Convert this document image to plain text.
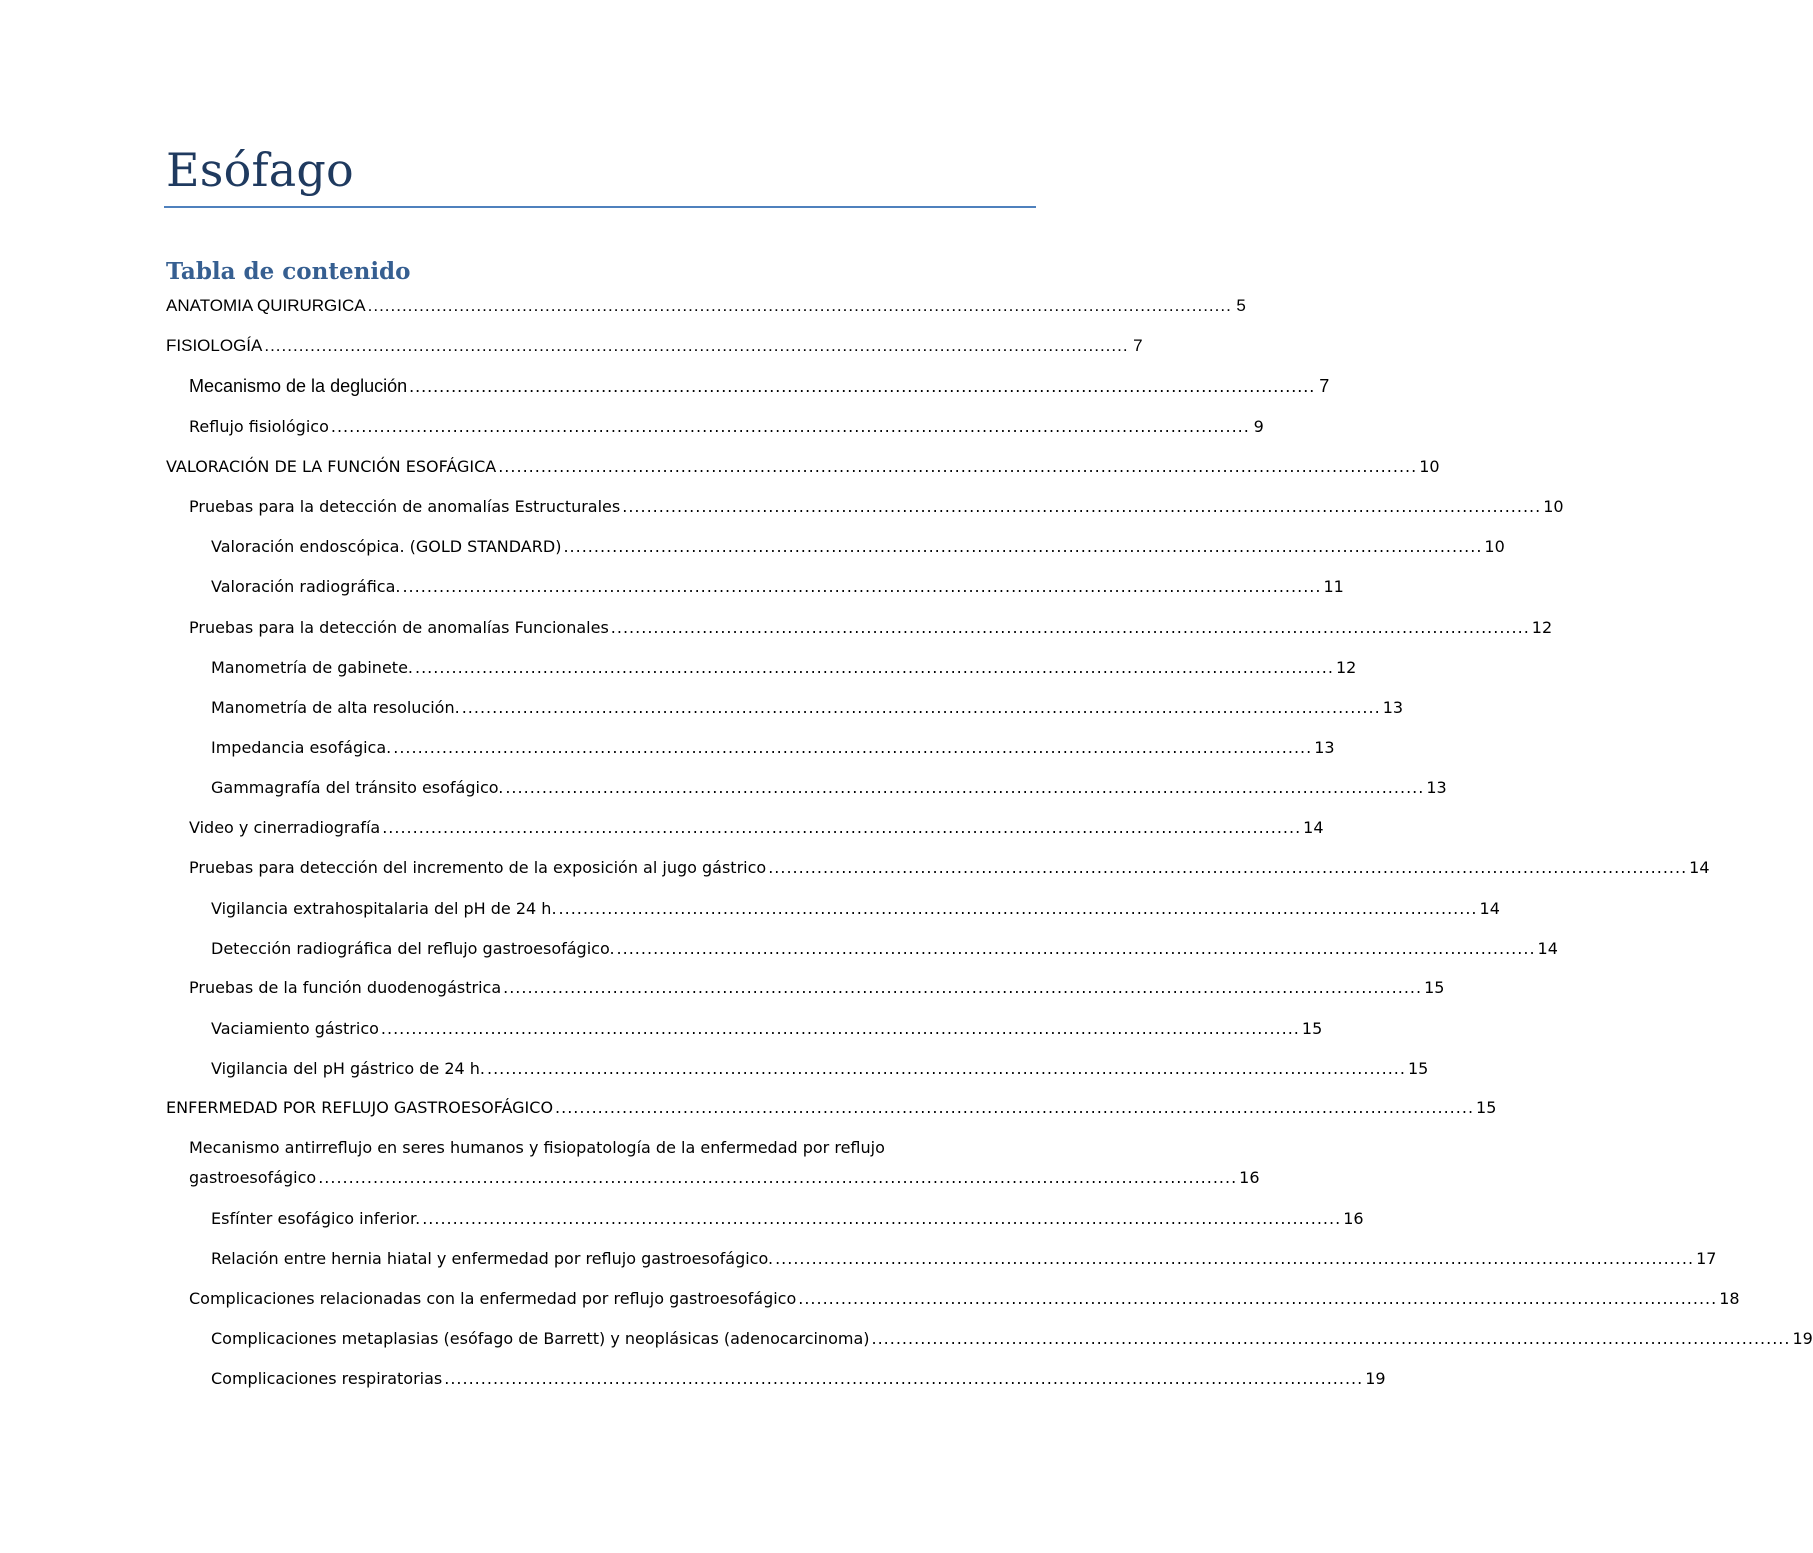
Esófago
Tabla de contenido
ANATOMIA QUIRURGICA ....................................................................................................................................................... 5
FISIOLOGÍA ....................................................................................................................................................... 7
Mecanismo de la deglución ....................................................................................................................................................... 7
Reflujo fisiológico ....................................................................................................................................................... 9
VALORACIÓN DE LA FUNCIÓN ESOFÁGICA ....................................................................................................................................................... 10
Pruebas para la detección de anomalías Estructurales ....................................................................................................................................................... 10
Valoración endoscópica. (GOLD STANDARD) ....................................................................................................................................................... 10
Valoración radiográfica. ....................................................................................................................................................... 11
Pruebas para la detección de anomalías Funcionales ....................................................................................................................................................... 12
Manometría de gabinete. ....................................................................................................................................................... 12
Manometría de alta resolución. ....................................................................................................................................................... 13
Impedancia esofágica. ....................................................................................................................................................... 13
Gammagrafía del tránsito esofágico. ....................................................................................................................................................... 13
Video y cinerradiografía ....................................................................................................................................................... 14
Pruebas para detección del incremento de la exposición al jugo gástrico ....................................................................................................................................................... 14
Vigilancia extrahospitalaria del pH de 24 h. ....................................................................................................................................................... 14
Detección radiográfica del reflujo gastroesofágico. ....................................................................................................................................................... 14
Pruebas de la función duodenogástrica ....................................................................................................................................................... 15
Vaciamiento gástrico ....................................................................................................................................................... 15
Vigilancia del pH gástrico de 24 h. ....................................................................................................................................................... 15
ENFERMEDAD POR REFLUJO GASTROESOFÁGICO ....................................................................................................................................................... 15
Mecanismo antirreflujo en seres humanos y fisiopatología de la enfermedad por reflujo
gastroesofágico ....................................................................................................................................................... 16
Esfínter esofágico inferior. ....................................................................................................................................................... 16
Relación entre hernia hiatal y enfermedad por reflujo gastroesofágico. ....................................................................................................................................................... 17
Complicaciones relacionadas con la enfermedad por reflujo gastroesofágico ....................................................................................................................................................... 18
Complicaciones metaplasias (esófago de Barrett) y neoplásicas (adenocarcinoma) ....................................................................................................................................................... 19
Complicaciones respiratorias ....................................................................................................................................................... 19
